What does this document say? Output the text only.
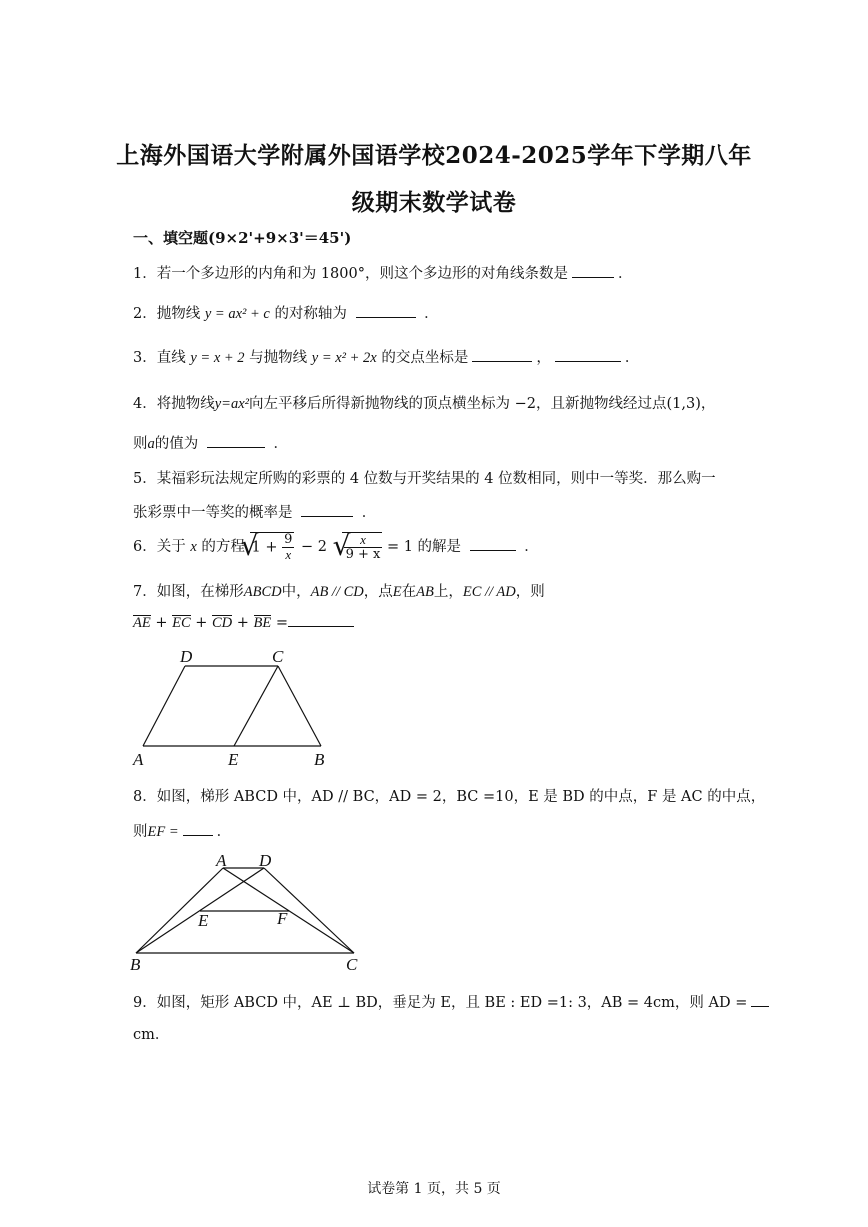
上海外国语大学附属外国语学校2024-2025学年下学期八年
级期末数学试卷
一、填空题(9×2'+9×3'＝45')
1．若一个多边形的内角和为 1800°，则这个多边形的对角线条数是	．
2．抛物线 y = ax² + c 的对称轴为	．
3．直线 y = x + 2 与抛物线 y = x² + 2x 的交点坐标是	，	．
4．将抛物线y=ax²向左平移后所得新抛物线的顶点横坐标为 −2，且新抛物线经过点(1,3)，
则a的值为	．
5．某福彩玩法规定所购的彩票的 4 位数与开奖结果的 4 位数相同，则中一等奖．那么购一
张彩票中一等奖的概率是	．
6．关于 x 的方程
√
$1 + \frac{9}{x} - 2$ √
$\frac{x}{9 + x} = 1$ 的解是	．
7．如图，在梯形ABCD中，AB // CD，点E在AB上，EC // AD，则
AE + EC + CD + BE =
D	C
A	E	B
8．如图，梯形 ABCD 中，AD // BC，AD = 2，BC =10，E 是 BD 的中点，F 是 AC 的中点，
则EF =	．
A D
E	F
B	C
9．如图，矩形 ABCD 中，AE ⊥ BD，垂足为 E，且 BE : ED =1: 3，AB = 4cm，则 AD =
cm．
试卷第 1 页，共 5 页
